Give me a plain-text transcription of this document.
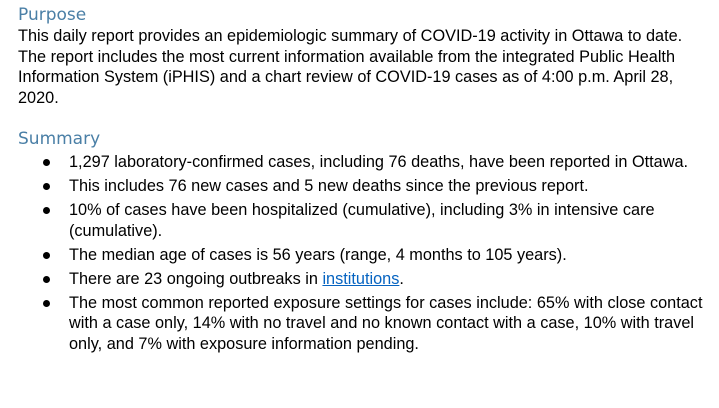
Purpose

This daily report provides an epidemiologic summary of COVID-19 activity in Ottawa to date. The report includes the most current information available from the integrated Public Health Information System (iPHIS) and a chart review of COVID-19 cases as of 4:00 p.m. April 28, 2020.

Summary
1,297 laboratory-confirmed cases, including 76 deaths, have been reported in Ottawa.
This includes 76 new cases and 5 new deaths since the previous report.
10% of cases have been hospitalized (cumulative), including 3% in intensive care (cumulative).
The median age of cases is 56 years (range, 4 months to 105 years).
There are 23 ongoing outbreaks in institutions.
The most common reported exposure settings for cases include: 65% with close contact with a case only, 14% with no travel and no known contact with a case, 10% with travel only, and 7% with exposure information pending.
